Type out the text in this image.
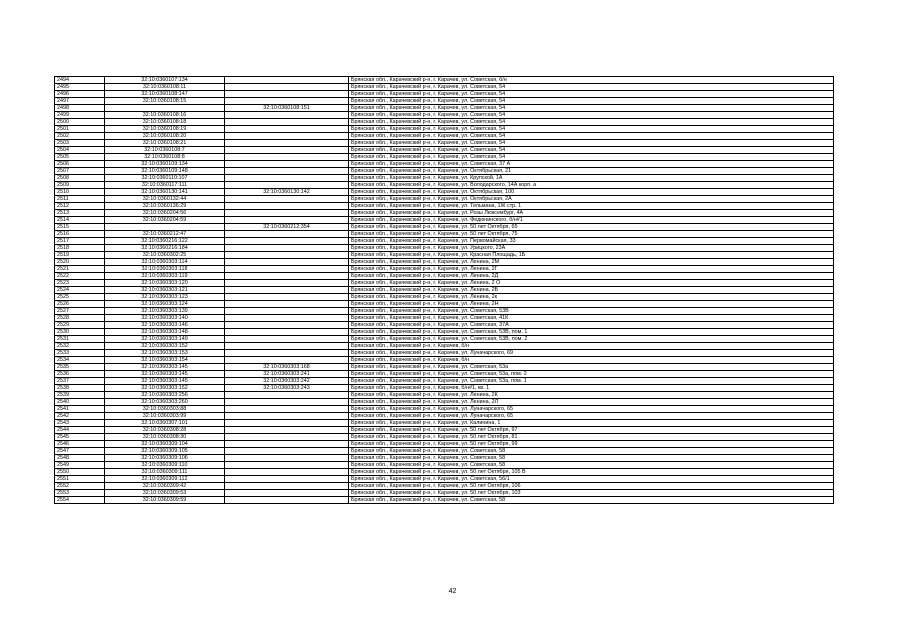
2494	32:10:0360107:134		Брянская обл., Карачевский р-н, г. Карачев, ул. Советская, б/н
2495	32:10:0360108:11		Брянская обл., Карачевский р-н, г. Карачев, ул. Советская, 54
2496	32:10:0360108:147		Брянская обл., Карачевский р-н, г. Карачев, ул. Советская, 54
2497	32:10:0360108:15		Брянская обл., Карачевский р-н, г. Карачев, ул. Советская, 54
2498		32:10:0360108:151	Брянская обл., Карачевский р-н, г. Карачев, ул. Советская, 54
2499	32:10:0360108:16		Брянская обл., Карачевский р-н, г. Карачев, ул. Советская, 54
2500	32:10:0360108:18		Брянская обл., Карачевский р-н, г. Карачев, ул. Советская, 54
2501	32:10:0360108:19		Брянская обл., Карачевский р-н, г. Карачев, ул. Советская, 54
2502	32:10:0360108:20		Брянская обл., Карачевский р-н, г. Карачев, ул. Советская, 54
2503	32:10:0360108:21		Брянская обл., Карачевский р-н, г. Карачев, ул. Советская, 54
2504	32:10:0360108:7		Брянская обл., Карачевский р-н, г. Карачев, ул. Советская, 54
2505	32:10:0360108:8		Брянская обл., Карачевский р-н, г. Карачев, ул. Советская, 54
2506	32:10:0360109:134		Брянская обл., Карачевский р-н, г. Карачев, ул. Советская, 37 А
2507	32:10:0360109:148		Брянская обл., Карачевский р-н, г. Карачев, ул. Октябрьская, 21
2508	32:10:0360110:107		Брянская обл., Карачевский р-н, г. Карачев, ул. Крупской, 1А
2509	32:10:0360117:111		Брянская обл., Карачевский р-н, г. Карачев, ул. Володарского, 14А корп. а
2510	32:10:0360130:141	32:10:0360130:142	Брянская обл., Карачевский р-н, г. Карачев, ул. Октябрьская, 100
2511	32:10:0360132:44		Брянская обл., Карачевский р-н, г. Карачев, ул. Октябрьская, 2А
2512	32:10:0360136:29		Брянская обл., Карачевский р-н, г. Карачев, ул. Тельмана, 1Ж стр. 1
2513	32:10:0360204:56		Брянская обл., Карачевский р-н, г. Карачев, ул. Розы Люксембург, 4А
2514	32:10:0360204:59		Брянская обл., Карачевский р-н, г. Карачев, ул. Федюнинского, б/н#1
2515		32:10:0360212:354	Брянская обл., Карачевский р-н, г. Карачев, ул. 50 лет Октября, 65
2516	32:10:0360212:47		Брянская обл., Карачевский р-н, г. Карачев, ул. 50 лет Октября, 75
2517	32:10:0360216:122		Брянская обл., Карачевский р-н, г. Карачев, ул. Первомайская, 33
2518	32:10:0360216:184		Брянская обл., Карачевский р-н, г. Карачев, ул. Урицкого, 23А
2519	32:10:0360302:25		Брянская обл., Карачевский р-н, г. Карачев, ул. Красная Площадь, 1Б
2520	32:10:0360303:114		Брянская обл., Карачевский р-н, г. Карачев, ул. Ленина, 2М
2521	32:10:0360303:118		Брянская обл., Карачевский р-н, г. Карачев, ул. Ленина, 2Г
2522	32:10:0360303:119		Брянская обл., Карачевский р-н, г. Карачев, ул. Ленина, 2Д
2523	32:10:0360303:120		Брянская обл., Карачевский р-н, г. Карачев, ул. Ленина, 2 О
2524	32:10:0360303:121		Брянская обл., Карачевский р-н, г. Карачев, ул. Ленина, 2Б
2525	32:10:0360303:123		Брянская обл., Карачевский р-н, г. Карачев, ул. Ленина, 2к
2526	32:10:0360303:124		Брянская обл., Карачевский р-н, г. Карачев, ул. Ленина, 2Н
2527	32:10:0360303:139		Брянская обл., Карачевский р-н, г. Карачев, ул. Советская, 53В
2528	32:10:0360303:140		Брянская обл., Карачевский р-н, г. Карачев, ул. Советская, 41К
2529	32:10:0360303:146		Брянская обл., Карачевский р-н, г. Карачев, ул. Советская, 37А
2530	32:10:0360303:148		Брянская обл., Карачевский р-н, г. Карачев, ул. Советская, 53В, пом. 1
2531	32:10:0360303:149		Брянская обл., Карачевский р-н, г. Карачев, ул. Советская, 53В, пом. 2
2532	32:10:0360303:152		Брянская обл., Карачевский р-н, г. Карачев, б/н
2533	32:10:0360303:153		Брянская обл., Карачевский р-н, г. Карачев, ул. Луначарского, 69
2534	32:10:0360303:154		Брянская обл., Карачевский р-н, г. Карачев, б/н
2535	32:10:0360303:145	32:10:0360303:168	Брянская обл., Карачевский р-н, г. Карачев, ул. Советская, 53а
2536	32:10:0360303:145	32:10:0360303:241	Брянская обл., Карачевский р-н, г. Карачев, ул. Советская, 53а, пом. 2
2537	32:10:0360303:145	32:10:0360303:242	Брянская обл., Карачевский р-н, г. Карачев, ул. Советская, 53а, пом. 1
2538	32:10:0360303:152	32:10:0360303:243	Брянская обл., Карачевский р-н, г. Карачев, б/н#1, кв. 1
2539	32:10:0360303:256		Брянская обл., Карачевский р-н, г. Карачев, ул. Ленина, 2К
2540	32:10:0360303:260		Брянская обл., Карачевский р-н, г. Карачев, ул. Ленина, 2Л
2541	32:10:0360303:88		Брянская обл., Карачевский р-н, г. Карачев, ул. Луначарского, 65
2542	32:10:0360303:99		Брянская обл., Карачевский р-н, г. Карачев, ул. Луначарского, 65
2543	32:10:0360307:101		Брянская обл., Карачевский р-н, г. Карачев, ул. Калинина, 1
2544	32:10:0360308:28		Брянская обл., Карачевский р-н, г. Карачев, ул. 50 лет Октября, 97
2545	32:10:0360308:30		Брянская обл., Карачевский р-н, г. Карачев, ул. 50 лет Октября, 81
2546	32:10:0360309:104		Брянская обл., Карачевский р-н, г. Карачев, ул. 50 лет Октября, 99
2547	32:10:0360309:105		Брянская обл., Карачевский р-н, г. Карачев, ул. Советская, 58
2548	32:10:0360309:106		Брянская обл., Карачевский р-н, г. Карачев, ул. Советская, 58
2549	32:10:0360309:110		Брянская обл., Карачевский р-н, г. Карачев, ул. Советская, 58
2550	32:10:0360309:111		Брянская обл., Карачевский р-н, г. Карачев, ул. 50 лет Октября, 105 В
2551	32:10:0360309:112		Брянская обл., Карачевский р-н, г. Карачев, ул. Советская, 56/1
2552	32:10:0360309:42		Брянская обл., Карачевский р-н, г. Карачев, ул. 50 лет Октября, 106
2553	32:10:0360309:53		Брянская обл., Карачевский р-н, г. Карачев, ул. 50 лет Октября, 103
2554	32:10:0360309:59		Брянская обл., Карачевский р-н, г. Карачев, ул. Советская, 58
42
